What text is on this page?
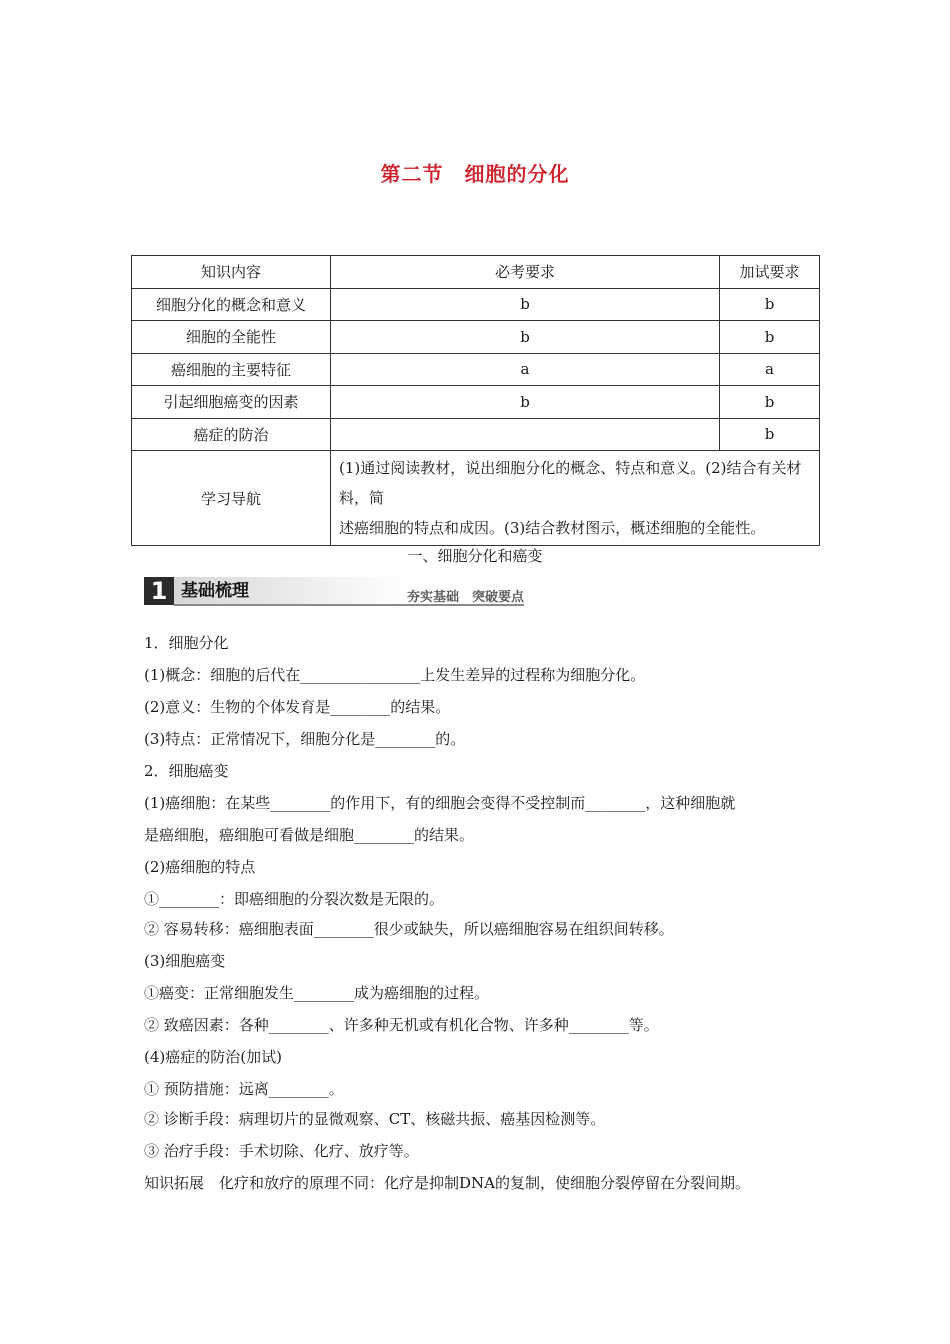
第二节　细胞的分化
知识内容	必考要求	加试要求
细胞分化的概念和意义	b	b
细胞的全能性	b	b
癌细胞的主要特征	a	a
引起细胞癌变的因素	b	b
癌症的防治		b
学习导航	(1)通过阅读教材，说出细胞分化的概念、特点和意义。(2)结合有关材料，简
述癌细胞的特点和成因。(3)结合教材图示，概述细胞的全能性。	
一、细胞分化和癌变
1 基础梳理	夯实基础　突破要点
1．细胞分化
(1)概念：细胞的后代在________________上发生差异的过程称为细胞分化。
(2)意义：生物的个体发育是________的结果。
(3)特点：正常情况下，细胞分化是________的。
2．细胞癌变
(1)癌细胞：在某些________的作用下，有的细胞会变得不受控制而________，这种细胞就
是癌细胞，癌细胞可看做是细胞________的结果。
(2)癌细胞的特点
①________：即癌细胞的分裂次数是无限的。
② 容易转移：癌细胞表面________很少或缺失，所以癌细胞容易在组织间转移。
(3)细胞癌变
①癌变：正常细胞发生________成为癌细胞的过程。
② 致癌因素：各种________、许多种无机或有机化合物、许多种________等。
(4)癌症的防治(加试)
① 预防措施：远离________。
② 诊断手段：病理切片的显微观察、CT、核磁共振、癌基因检测等。
③ 治疗手段：手术切除、化疗、放疗等。
知识拓展　化疗和放疗的原理不同：化疗是抑制DNA的复制，使细胞分裂停留在分裂间期。
